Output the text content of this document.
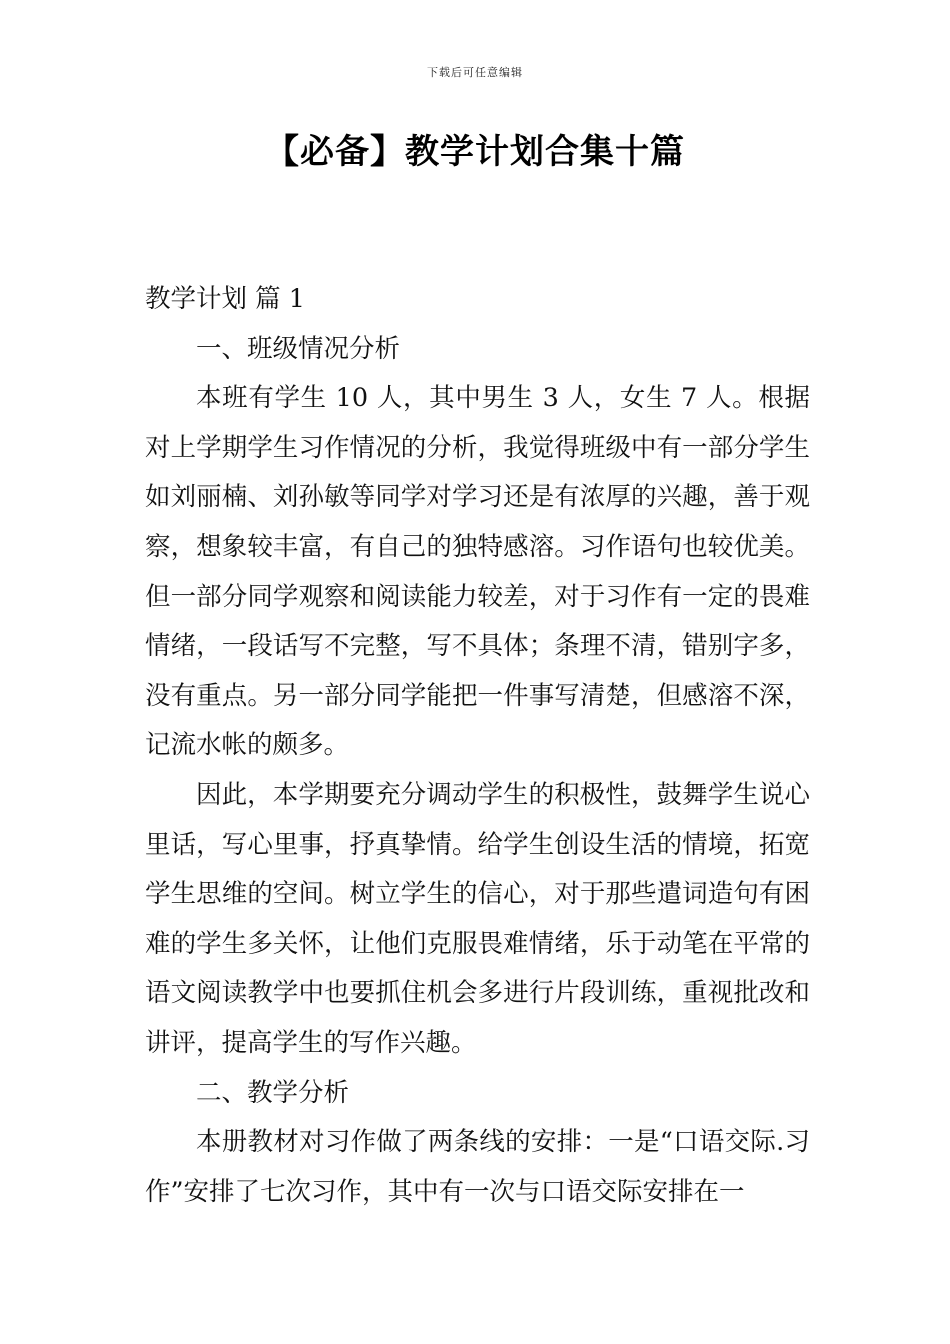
下载后可任意编辑
【必备】教学计划合集十篇

教学计划 篇 1

一、班级情况分析

本班有学生 10 人，其中男生 3 人，女生 7 人。根据对上学期学生习作情况的分析，我觉得班级中有一部分学生如刘丽楠、刘孙敏等同学对学习还是有浓厚的兴趣，善于观察，想象较丰富，有自己的独特感溶。习作语句也较优美。但一部分同学观察和阅读能力较差，对于习作有一定的畏难情绪，一段话写不完整，写不具体；条理不清，错别字多，没有重点。另一部分同学能把一件事写清楚，但感溶不深，记流水帐的颇多。

因此，本学期要充分调动学生的积极性，鼓舞学生说心里话，写心里事，抒真挚情。给学生创设生活的情境，拓宽学生思维的空间。树立学生的信心，对于那些遣词造句有困难的学生多关怀，让他们克服畏难情绪，乐于动笔在平常的语文阅读教学中也要抓住机会多进行片段训练，重视批改和讲评，提高学生的写作兴趣。

二、教学分析

本册教材对习作做了两条线的安排：一是“口语交际.习作”安排了七次习作，其中有一次与口语交际安排在一
